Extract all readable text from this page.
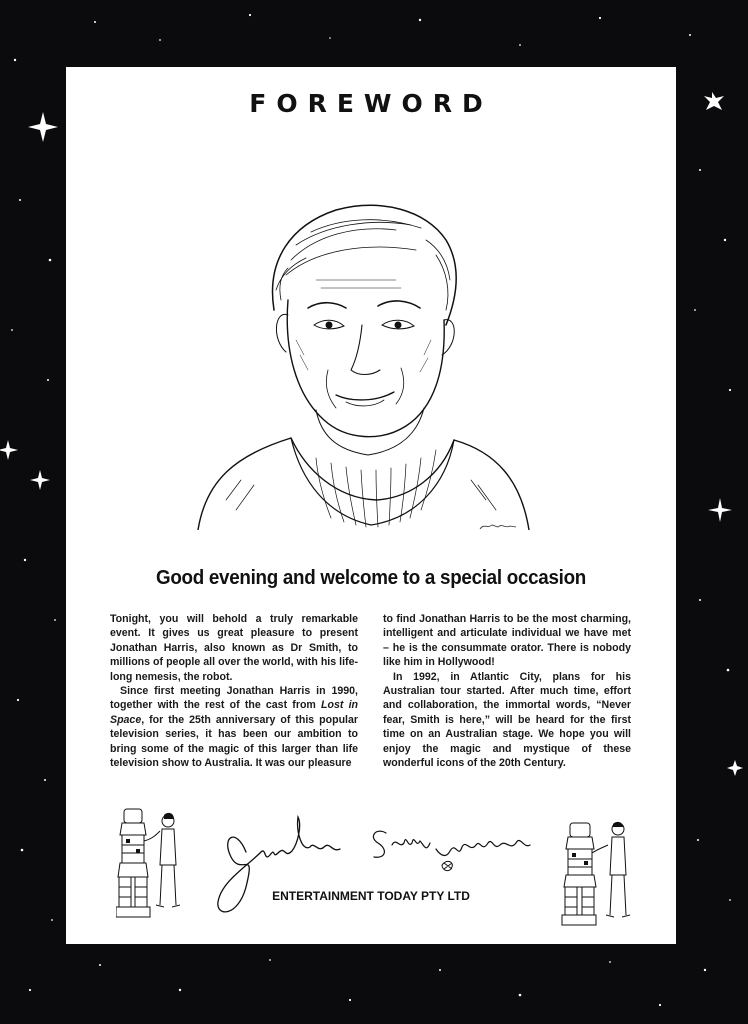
FOREWORD
Good evening and welcome to a special occasion

Tonight, you will behold a truly remarkable event. It gives us great pleasure to present Jonathan Harris, also known as Dr Smith, to millions of people all over the world, with his life-long nemesis, the robot.

Since first meeting Jonathan Harris in 1990, together with the rest of the cast from Lost in Space, for the 25th anniversary of this popular television series, it has been our ambition to bring some of the magic of this larger than life television show to Australia. It was our pleasure

to find Jonathan Harris to be the most charming, intelligent and articulate individual we have met – he is the consummate orator. There is nobody like him in Hollywood!

In 1992, in Atlantic City, plans for his Australian tour started. After much time, effort and collaboration, the immortal words, “Never fear, Smith is here,” will be heard for the first time on an Australian stage. We hope you will enjoy the magic and mystique of these wonderful icons of the 20th Century.

ENTERTAINMENT TODAY PTY LTD
